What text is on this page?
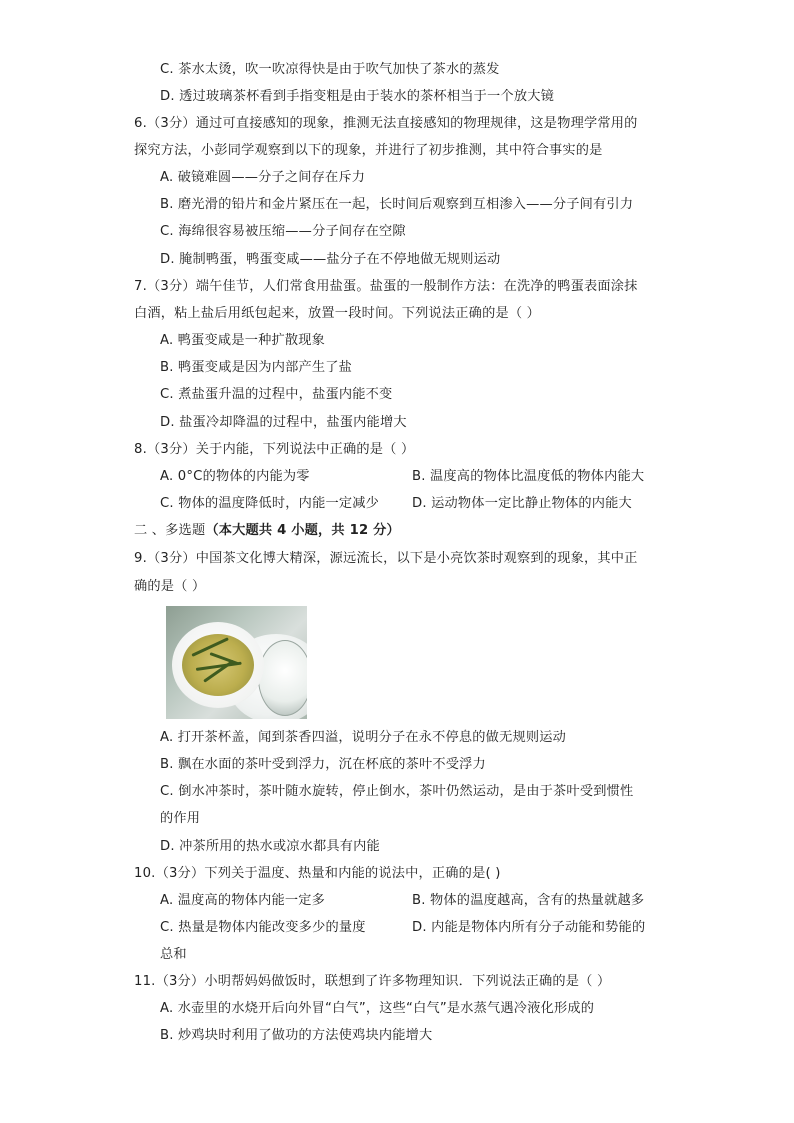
C. 茶水太烫，吹一吹凉得快是由于吹气加快了茶水的蒸发
D. 透过玻璃茶杯看到手指变粗是由于装水的茶杯相当于一个放大镜
6.（3分）通过可直接感知的现象，推测无法直接感知的物理规律，这是物理学常用的
探究方法，小彭同学观察到以下的现象，并进行了初步推测，其中符合事实的是
A. 破镜难圆——分子之间存在斥力
B. 磨光滑的铅片和金片紧压在一起，长时间后观察到互相渗入——分子间有引力
C. 海绵很容易被压缩——分子间存在空隙
D. 腌制鸭蛋，鸭蛋变咸——盐分子在不停地做无规则运动
7.（3分）端午佳节，人们常食用盐蛋。盐蛋的一般制作方法：在洗净的鸭蛋表面涂抹
白酒，粘上盐后用纸包起来，放置一段时间。下列说法正确的是（ ）
A. 鸭蛋变咸是一种扩散现象
B. 鸭蛋变咸是因为内部产生了盐
C. 煮盐蛋升温的过程中，盐蛋内能不变
D. 盐蛋冷却降温的过程中，盐蛋内能增大
8.（3分）关于内能，下列说法中正确的是（ ）
A. 0°C的物体的内能为零	B. 温度高的物体比温度低的物体内能大
C. 物体的温度降低时，内能一定减少 D. 运动物体一定比静止物体的内能大
二 、多选题（本大题共 4 小题，共 12 分）
9.（3分）中国茶文化博大精深，源远流长，以下是小亮饮茶时观察到的现象，其中正
确的是（ ）
A. 打开茶杯盖，闻到茶香四溢，说明分子在永不停息的做无规则运动
B. 飘在水面的茶叶受到浮力，沉在杯底的茶叶不受浮力
C. 倒水冲茶时，茶叶随水旋转，停止倒水，茶叶仍然运动，是由于茶叶受到惯性
的作用
D. 冲茶所用的热水或凉水都具有内能
10.（3分）下列关于温度、热量和内能的说法中，正确的是( )
A. 温度高的物体内能一定多	B. 物体的温度越高，含有的热量就越多
C. 热量是物体内能改变多少的量度	D. 内能是物体内所有分子动能和势能的
总和
11.（3分）小明帮妈妈做饭时，联想到了许多物理知识．下列说法正确的是（ ）
A. 水壶里的水烧开后向外冒“白气”，这些“白气”是水蒸气遇冷液化形成的
B. 炒鸡块时利用了做功的方法使鸡块内能增大
